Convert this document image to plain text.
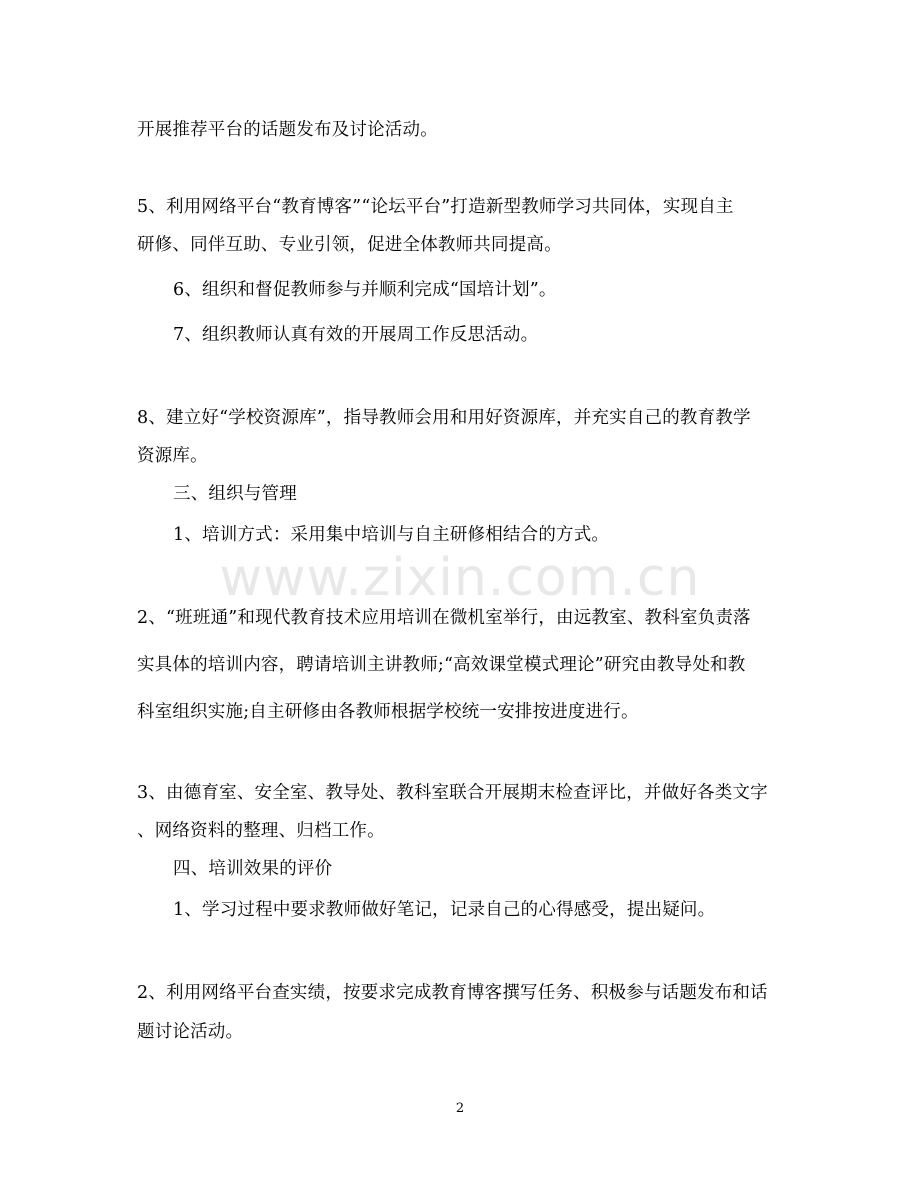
开展推荐平台的话题发布及讨论活动。
5、利用网络平台“教育博客”“论坛平台”打造新型教师学习共同体，实现自主
研修、同伴互助、专业引领，促进全体教师共同提高。
6、组织和督促教师参与并顺利完成“国培计划”。
7、组织教师认真有效的开展周工作反思活动。
8、建立好“学校资源库”，指导教师会用和用好资源库，并充实自己的教育教学
资源库。
三、组织与管理
1、培训方式：采用集中培训与自主研修相结合的方式。
2、“班班通”和现代教育技术应用培训在微机室举行，由远教室、教科室负责落
实具体的培训内容，聘请培训主讲教师;“高效课堂模式理论”研究由教导处和教
科室组织实施;自主研修由各教师根据学校统一安排按进度进行。
3、由德育室、安全室、教导处、教科室联合开展期末检查评比，并做好各类文字
、网络资料的整理、归档工作。
四、培训效果的评价
1、学习过程中要求教师做好笔记，记录自己的心得感受，提出疑问。
2、利用网络平台查实绩，按要求完成教育博客撰写任务、积极参与话题发布和话
题讨论活动。
www.zixin.com.cn
2
